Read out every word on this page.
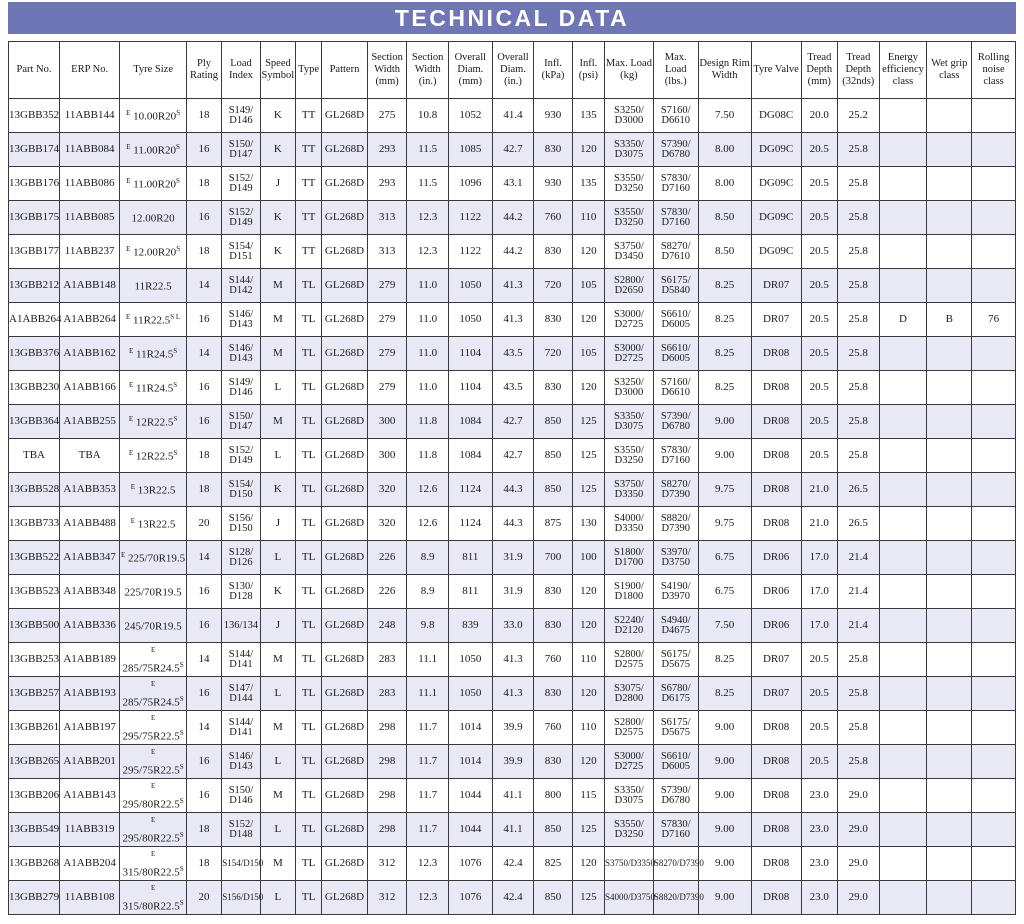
TECHNICAL DATA
Part No.	ERP No.	Tyre Size	Ply Rating	Load Index	Speed Symbol	Type	Pattern	Section Width (mm)	Section Width (in.)	Overall Diam. (mm)	Overall Diam. (in.)	Infl. (kPa)	Infl. (psi)	Max. Load (kg)	Max. Load (lbs.)	Design Rim Width	Tyre Valve	Tread Depth (mm)	Tread Depth (32nds)	Energy efficiency class	Wet grip class	Rolling noise class
13GBB352	11ABB144	$^E$ $10.00R20^S$	18	S149/ D146	K	TT	GL268D	275	10.8	1052	41.4	930	135	S3250/ D3000	S7160/ D6610	7.50	DG08C	20.0	25.2			
13GBB174	11ABB084	$^E$ $11.00R20^S$	16	S150/ D147	K	TT	GL268D	293	11.5	1085	42.7	830	120	S3350/ D3075	S7390/ D6780	8.00	DG09C	20.5	25.8			
13GBB176	11ABB086	$^E$ $11.00R20^S$	18	S152/ D149	J	TT	GL268D	293	11.5	1096	43.1	930	135	S3550/ D3250	S7830/ D7160	8.00	DG09C	20.5	25.8			
13GBB175	11ABB085	12.00R20	16	S152/ D149	K	TT	GL268D	313	12.3	1122	44.2	760	110	S3550/ D3250	S7830/ D7160	8.50	DG09C	20.5	25.8			
13GBB177	11ABB237	$^E$ $12.00R20^S$	18	S154/ D151	K	TT	GL268D	313	12.3	1122	44.2	830	120	S3750/ D3450	S8270/ D7610	8.50	DG09C	20.5	25.8			
13GBB212	A1ABB148	11R22.5	14	S144/ D142	M	TL	GL268D	279	11.0	1050	41.3	720	105	S2800/ D2650	S6175/ D5840	8.25	DR07	20.5	25.8			
A1ABB264	A1ABB264	$^E$ $11R22.5^{S L}$	16	S146/ D143	M	TL	GL268D	279	11.0	1050	41.3	830	120	S3000/ D2725	S6610/ D6005	8.25	DR07	20.5	25.8	D	B	76
13GBB376	A1ABB162	$^E$ $11R24.5^S$	14	S146/ D143	M	TL	GL268D	279	11.0	1104	43.5	720	105	S3000/ D2725	S6610/ D6005	8.25	DR08	20.5	25.8			
13GBB230	A1ABB166	$^E$ $11R24.5^S$	16	S149/ D146	L	TL	GL268D	279	11.0	1104	43.5	830	120	S3250/ D3000	S7160/ D6610	8.25	DR08	20.5	25.8			
13GBB364	A1ABB255	$^E$ $12R22.5^S$	16	S150/ D147	M	TL	GL268D	300	11.8	1084	42.7	850	125	S3350/ D3075	S7390/ D6780	9.00	DR08	20.5	25.8			
TBA	TBA	$^E$ $12R22.5^S$	18	S152/ D149	L	TL	GL268D	300	11.8	1084	42.7	850	125	S3550/ D3250	S7830/ D7160	9.00	DR08	20.5	25.8			
13GBB528	A1ABB353	$^E$ 13R22.5	18	S154/ D150	K	TL	GL268D	320	12.6	1124	44.3	850	125	S3750/ D3350	S8270/ D7390	9.75	DR08	21.0	26.5			
13GBB733	A1ABB488	$^E$ 13R22.5	20	S156/ D150	J	TL	GL268D	320	12.6	1124	44.3	875	130	S4000/ D3350	S8820/ D7390	9.75	DR08	21.0	26.5			
13GBB522	A1ABB347	$^E$ 225/70R19.5	14	S128/ D126	L	TL	GL268D	226	8.9	811	31.9	700	100	S1800/ D1700	S3970/ D3750	6.75	DR06	17.0	21.4			
13GBB523	A1ABB348	225/70R19.5	16	S130/ D128	K	TL	GL268D	226	8.9	811	31.9	830	120	S1900/ D1800	S4190/ D3970	6.75	DR06	17.0	21.4			
13GBB500	A1ABB336	245/70R19.5	16	136/134	J	TL	GL268D	248	9.8	839	33.0	830	120	S2240/ D2120	S4940/ D4675	7.50	DR06	17.0	21.4			
13GBB253	A1ABB189	$^E$ $285/75R24.5^S$	14	S144/ D141	M	TL	GL268D	283	11.1	1050	41.3	760	110	S2800/ D2575	S6175/ D5675	8.25	DR07	20.5	25.8			
13GBB257	A1ABB193	$^E$ $285/75R24.5^S$	16	S147/ D144	L	TL	GL268D	283	11.1	1050	41.3	830	120	S3075/ D2800	S6780/ D6175	8.25	DR07	20.5	25.8			
13GBB261	A1ABB197	$^E$ $295/75R22.5^S$	14	S144/ D141	M	TL	GL268D	298	11.7	1014	39.9	760	110	S2800/ D2575	S6175/ D5675	9.00	DR08	20.5	25.8			
13GBB265	A1ABB201	$^E$ $295/75R22.5^S$	16	S146/ D143	L	TL	GL268D	298	11.7	1014	39.9	830	120	S3000/ D2725	S6610/ D6005	9.00	DR08	20.5	25.8			
13GBB206	A1ABB143	$^E$ $295/80R22.5^S$	16	S150/ D146	M	TL	GL268D	298	11.7	1044	41.1	800	115	S3350/ D3075	S7390/ D6780	9.00	DR08	23.0	29.0			
13GBB549	11ABB319	$^E$ $295/80R22.5^S$	18	S152/ D148	L	TL	GL268D	298	11.7	1044	41.1	850	125	S3550/ D3250	S7830/ D7160	9.00	DR08	23.0	29.0			
13GBB268	A1ABB204	$^E$ $315/80R22.5^S$	18	S154/D150	M	TL	GL268D	312	12.3	1076	42.4	825	120	S3750/D3350	S8270/D7390	9.00	DR08	23.0	29.0			
13GBB279	11ABB108	$^E$ $315/80R22.5^S$	20	S156/D150	L	TL	GL268D	312	12.3	1076	42.4	850	125	S4000/D3750	S8820/D7390	9.00	DR08	23.0	29.0			
